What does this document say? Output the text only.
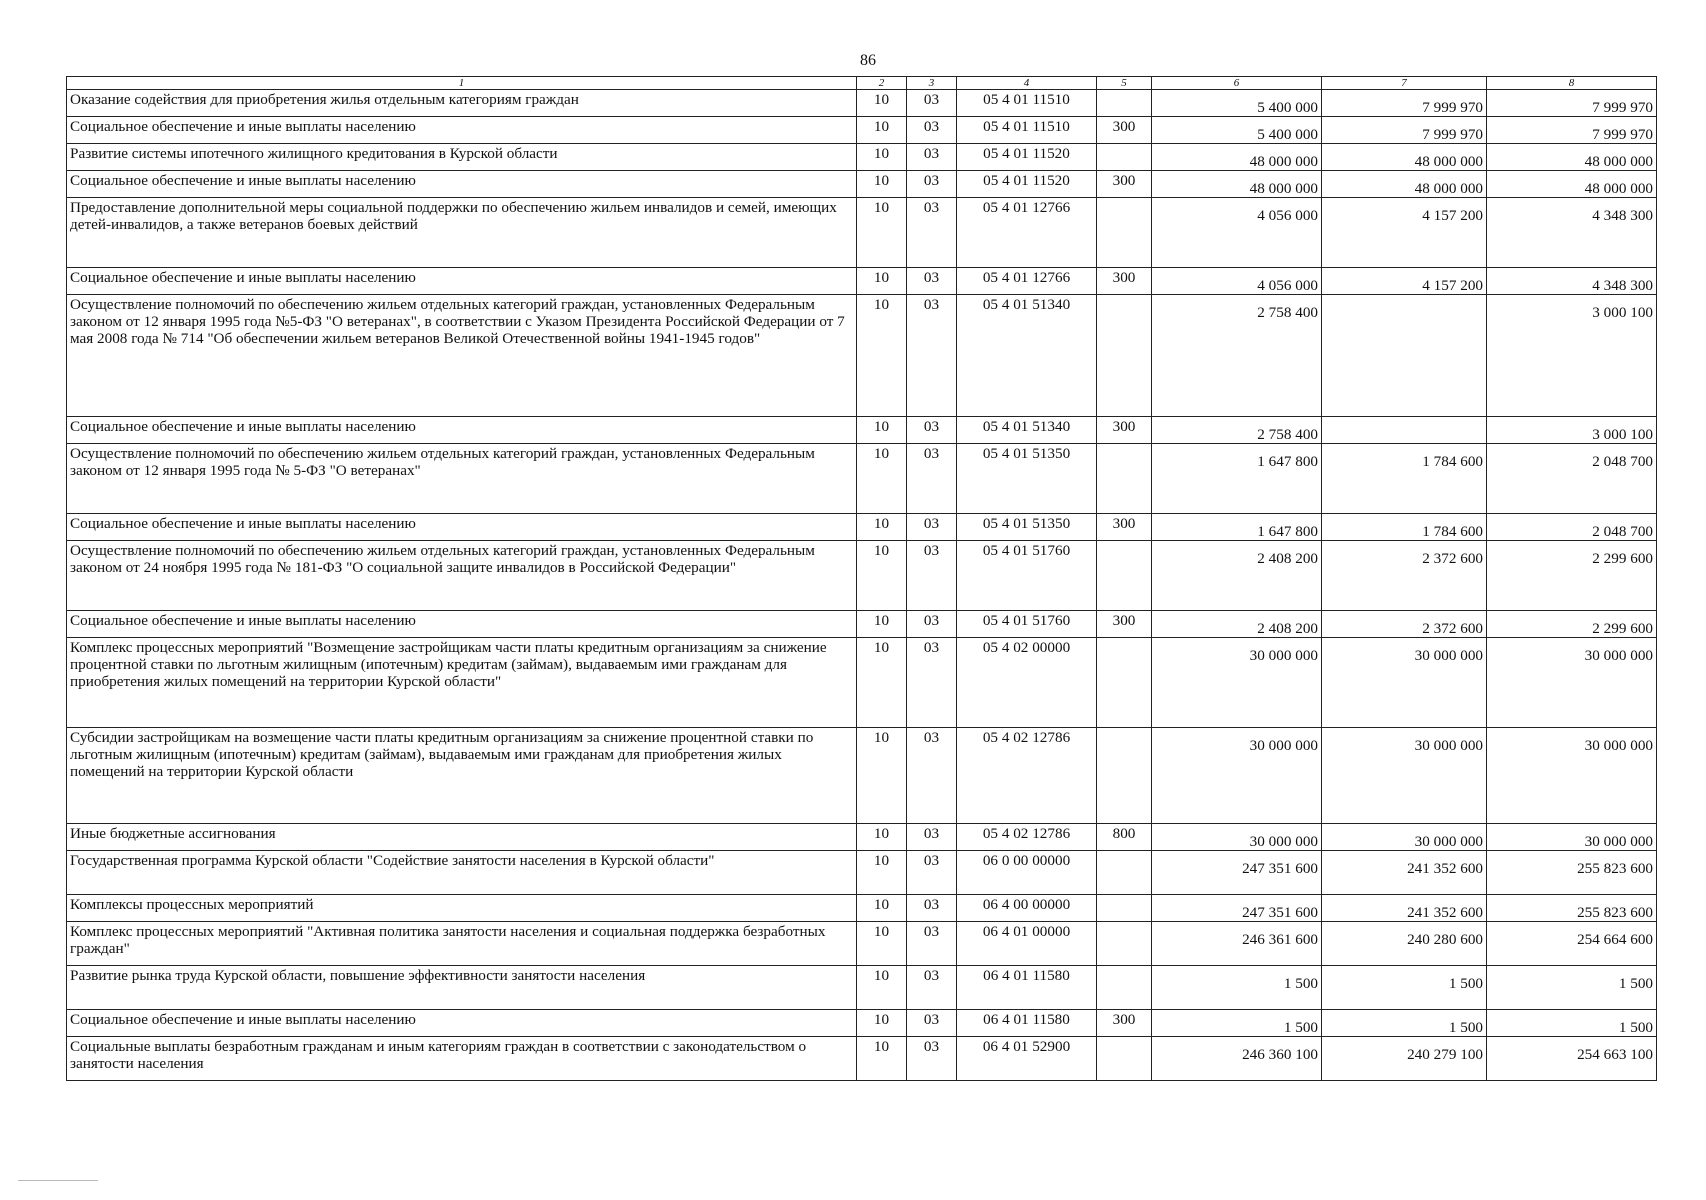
86
1	2	3	4	5	6	7	8
Оказание содействия для приобретения жилья отдельным категориям граждан	10	03	05 4 01 11510		5 400 000	7 999 970	7 999 970
Социальное обеспечение и иные выплаты населению	10	03	05 4 01 11510	300	5 400 000	7 999 970	7 999 970
Развитие системы ипотечного жилищного кредитования в Курской области	10	03	05 4 01 11520		48 000 000	48 000 000	48 000 000
Социальное обеспечение и иные выплаты населению	10	03	05 4 01 11520	300	48 000 000	48 000 000	48 000 000
Предоставление дополнительной меры социальной поддержки по обеспечению жильем инвалидов и семей, имеющих детей-инвалидов, а также ветеранов боевых действий	10	03	05 4 01 12766		4 056 000	4 157 200	4 348 300
Социальное обеспечение и иные выплаты населению	10	03	05 4 01 12766	300	4 056 000	4 157 200	4 348 300
Осуществление полномочий по обеспечению жильем отдельных категорий граждан, установленных Федеральным законом от 12 января 1995 года №5-ФЗ "О ветеранах", в соответствии с Указом Президента Российской Федерации от 7 мая 2008 года № 714 "Об обеспечении жильем ветеранов Великой Отечественной войны 1941-1945 годов"	10	03	05 4 01 51340		2 758 400		3 000 100
Социальное обеспечение и иные выплаты населению	10	03	05 4 01 51340	300	2 758 400		3 000 100
Осуществление полномочий по обеспечению жильем отдельных категорий граждан, установленных Федеральным законом от 12 января 1995 года № 5-ФЗ "О ветеранах"	10	03	05 4 01 51350		1 647 800	1 784 600	2 048 700
Социальное обеспечение и иные выплаты населению	10	03	05 4 01 51350	300	1 647 800	1 784 600	2 048 700
Осуществление полномочий по обеспечению жильем отдельных категорий граждан, установленных Федеральным законом от 24 ноября 1995 года № 181-ФЗ "О социальной защите инвалидов в Российской Федерации"	10	03	05 4 01 51760		2 408 200	2 372 600	2 299 600
Социальное обеспечение и иные выплаты населению	10	03	05 4 01 51760	300	2 408 200	2 372 600	2 299 600
Комплекс процессных мероприятий "Возмещение застройщикам части платы кредитным организациям за снижение процентной ставки по льготным жилищным (ипотечным) кредитам (займам), выдаваемым ими гражданам для приобретения жилых помещений на территории Курской области"	10	03	05 4 02 00000		30 000 000	30 000 000	30 000 000
Субсидии застройщикам на возмещение части платы кредитным организациям за снижение процентной ставки по льготным жилищным (ипотечным) кредитам (займам), выдаваемым ими гражданам для приобретения жилых помещений на территории Курской области	10	03	05 4 02 12786		30 000 000	30 000 000	30 000 000
Иные бюджетные ассигнования	10	03	05 4 02 12786	800	30 000 000	30 000 000	30 000 000
Государственная программа Курской области "Содействие занятости населения в Курской области"	10	03	06 0 00 00000		247 351 600	241 352 600	255 823 600
Комплексы процессных мероприятий	10	03	06 4 00 00000		247 351 600	241 352 600	255 823 600
Комплекс процессных мероприятий "Активная политика занятости населения и социальная поддержка безработных граждан"	10	03	06 4 01 00000		246 361 600	240 280 600	254 664 600
Развитие рынка труда Курской области, повышение эффективности занятости населения	10	03	06 4 01 11580		1 500	1 500	1 500
Социальное обеспечение и иные выплаты населению	10	03	06 4 01 11580	300	1 500	1 500	1 500
Социальные выплаты безработным гражданам и иным категориям граждан в соответствии с законодательством о занятости населения	10	03	06 4 01 52900		246 360 100	240 279 100	254 663 100
